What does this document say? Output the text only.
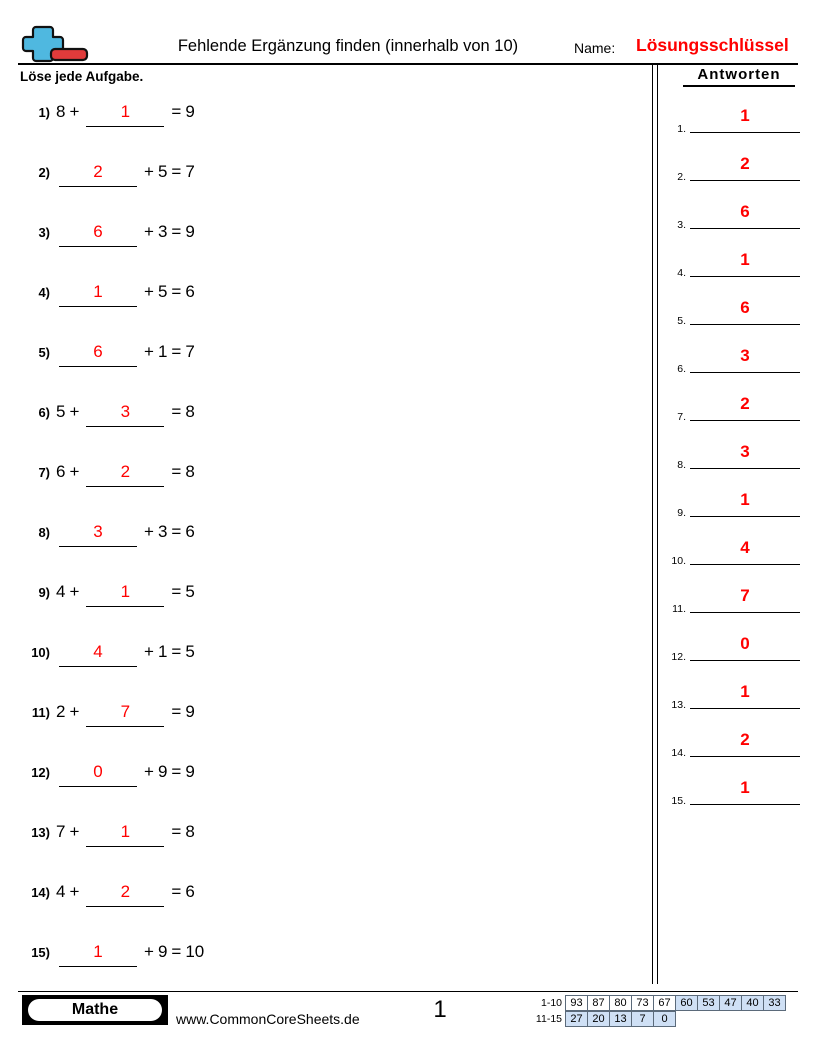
Fehlende Ergänzung finden (innerhalb von 10)	Name: Lösungsschlüssel
Löse jede Aufgabe.	Antworten
1) 8 +	1	= 9
2)	2	+ 5 = 7
3)	6	+ 3 = 9
4)	1	+ 5 = 6
5)	6	+ 1 = 7
6) 5 +	3	= 8
7) 6 +	2	= 8
8)	3	+ 3 = 6
9) 4 +	1	= 5
10)	4	+ 1 = 5
11) 2 +	7	= 9
12)	0	+ 9 = 9
13) 7 +	1	= 8
14) 4 +	2	= 6
15)	1	+ 9 = 10
1.
1
2.
2
3.
6
4.
1
5.
6
6.
3
7.
2
8.
3
9.
1
10.
4
11.
7
12.
0
13.
1
14.
2
15.
1
Mathe
www.CommonCoreSheets.de	1	1-10 93 87 80 73 67 60 53 47 40 33
11-15 27 20 13	7	0
